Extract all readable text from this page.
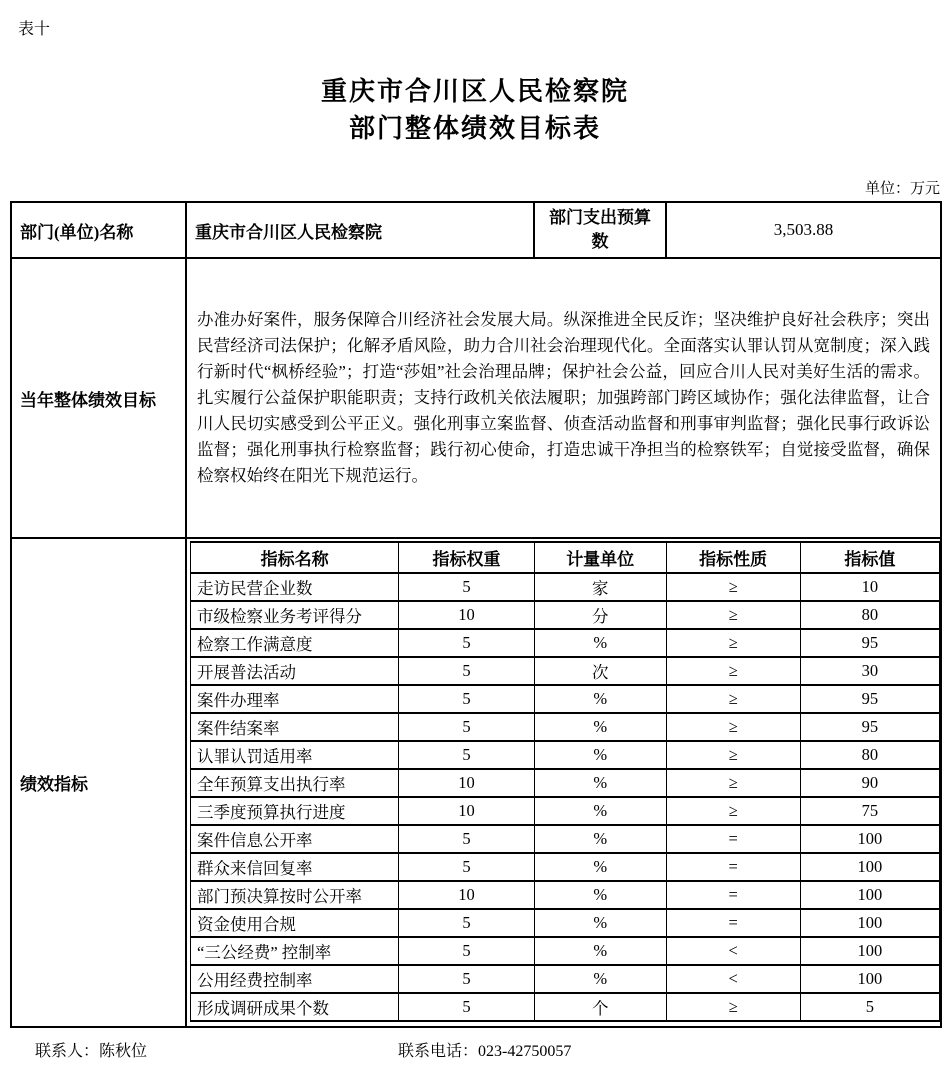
表十
重庆市合川区人民检察院
部门整体绩效目标表
单位：万元
部门(单位)名称	重庆市合川区人民检察院	部门支出预算数	3,503.88
当年整体绩效目标	办准办好案件，服务保障合川经济社会发展大局。纵深推进全民反诈；坚决维护良好社会秩序；突出民营经济司法保护；化解矛盾风险，助力合川社会治理现代化。全面落实认罪认罚从宽制度；深入践行新时代“枫桥经验”；打造“莎姐”社会治理品牌；保护社会公益，回应合川人民对美好生活的需求。扎实履行公益保护职能职责；支持行政机关依法履职；加强跨部门跨区域协作；强化法律监督，让合川人民切实感受到公平正义。强化刑事立案监督、侦查活动监督和刑事审判监督；强化民事行政诉讼监督；强化刑事执行检察监督；践行初心使命，打造忠诚干净担当的检察铁军；自觉接受监督，确保检察权始终在阳光下规范运行。
绩效指标	
指标名称	指标权重	计量单位	指标性质	指标值
走访民营企业数	5	家	≥	10
市级检察业务考评得分	10	分	≥	80
检察工作满意度	5	%	≥	95
开展普法活动	5	次	≥	30
案件办理率	5	%	≥	95
案件结案率	5	%	≥	95
认罪认罚适用率	5	%	≥	80
全年预算支出执行率	10	%	≥	90
三季度预算执行进度	10	%	≥	75
案件信息公开率	5	%	=	100
群众来信回复率	5	%	=	100
部门预决算按时公开率	10	%	=	100
资金使用合规	5	%	=	100
“三公经费” 控制率	5	%	<	100
公用经费控制率	5	%	<	100
形成调研成果个数	5	个	≥	5
联系人：陈秋位	联系电话：023-42750057
